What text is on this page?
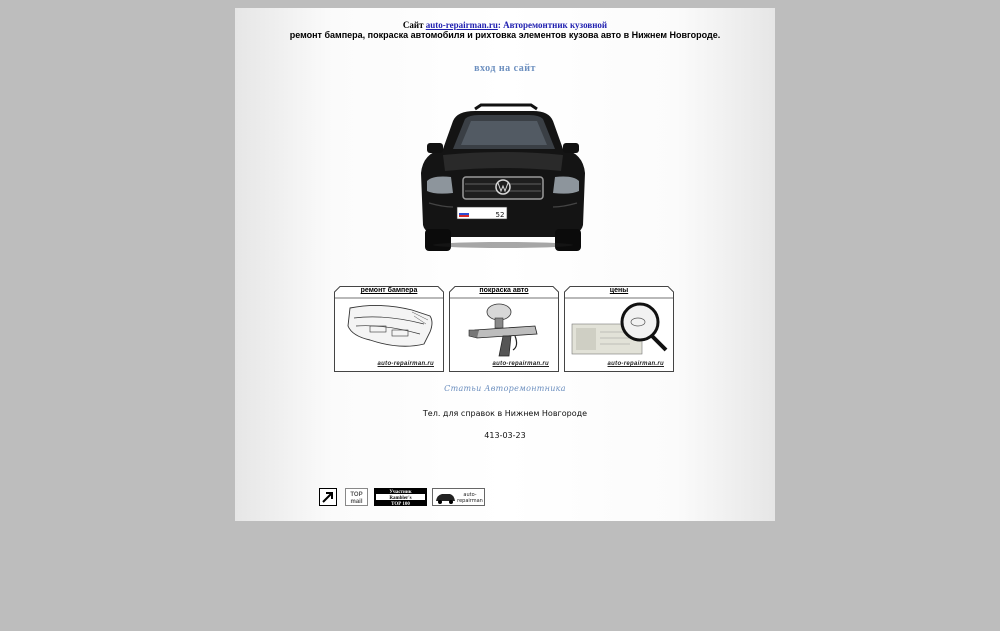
Сайт auto-repairman.ru: Авторемонтник кузовной
ремонт бампера, покраска автомобиля и рихтовка элементов кузова авто в Нижнем Новгороде.
вход на сайт
52
ремонт бампера
auto-repairman.ru
покраска авто
auto-repairman.ru
цены
auto-repairman.ru
Статьи Авторемонтника
Тел. для справок в Нижнем Новгороде
413-03-23
TOP
mail
Участник
Rambler's
TOP 100
auto-
repairman
